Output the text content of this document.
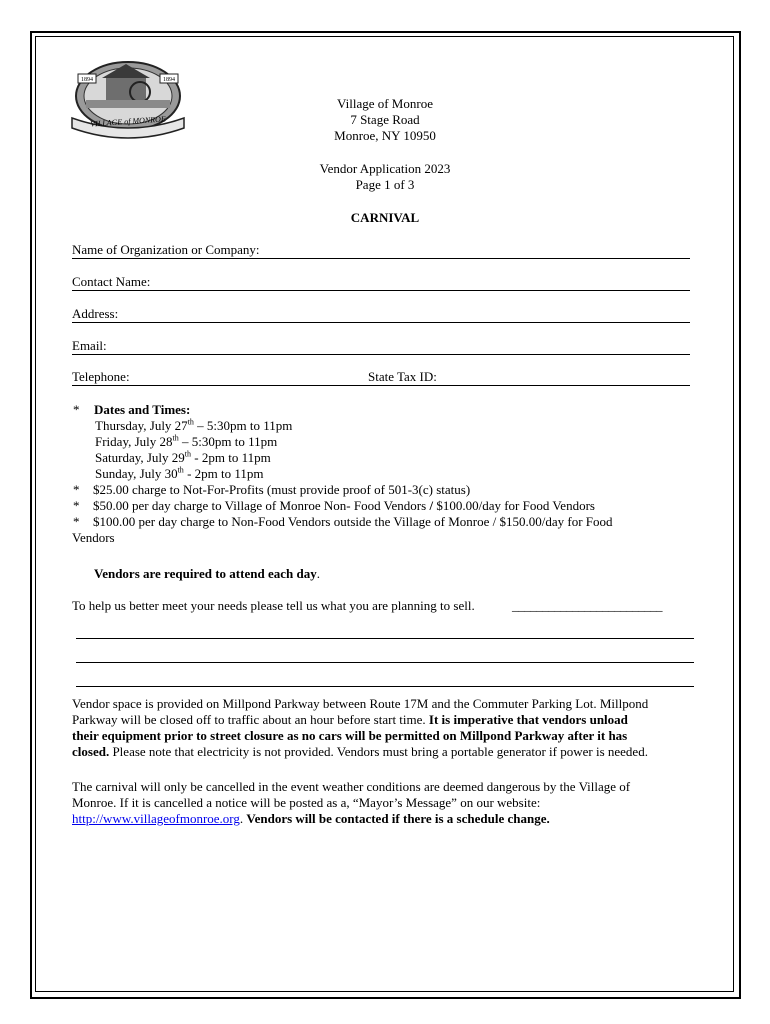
VILLAGE of MONROE
1894	1894
Village of Monroe
7 Stage Road
Monroe, NY 10950
Vendor Application 2023
Page 1 of 3
CARNIVAL
Name of Organization or Company:
Contact Name:
Address:
Email:
Telephone:	State Tax ID:
* Dates and Times:
Thursday, July 27th – 5:30pm to 11pm
Friday, July 28th – 5:30pm to 11pm
Saturday, July 29th - 2pm to 11pm
Sunday, July 30th - 2pm to 11pm
* $25.00 charge to Not-For-Profits (must provide proof of 501-3(c) status)
* $50.00 per day charge to Village of Monroe Non- Food Vendors / $100.00/day for Food Vendors
* $100.00 per day charge to Non-Food Vendors outside the Village of Monroe / $150.00/day for Food
Vendors
Vendors are required to attend each day.
To help us better meet your needs please tell us what you are planning to sell.	_________________________
Vendor space is provided on Millpond Parkway between Route 17M and the Commuter Parking Lot. Millpond
Parkway will be closed off to traffic about an hour before start time. It is imperative that vendors unload
their equipment prior to street closure as no cars will be permitted on Millpond Parkway after it has
closed. Please note that electricity is not provided. Vendors must bring a portable generator if power is needed.
The carnival will only be cancelled in the event weather conditions are deemed dangerous by the Village of
Monroe. If it is cancelled a notice will be posted as a, “Mayor’s Message” on our website:
http://www.villageofmonroe.org. Vendors will be contacted if there is a schedule change.
